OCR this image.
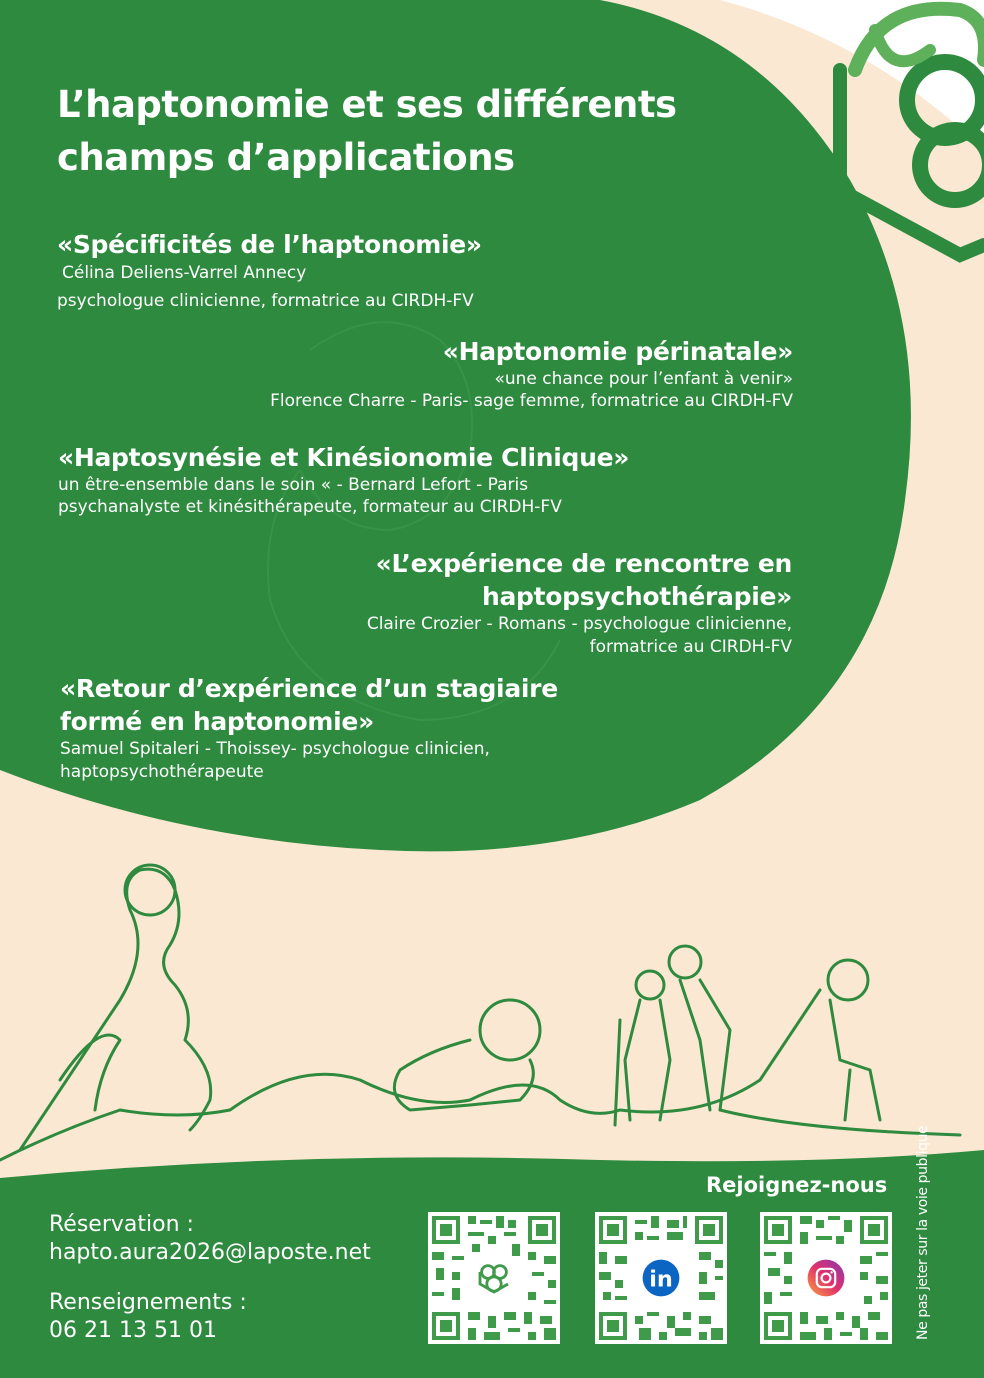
L’haptonomie et ses différents
champs d’applications
«Spécificités de l’haptonomie»

Célina Deliens-Varrel Annecy
psychologue clinicienne, formatrice au CIRDH-FV

«Haptonomie périnatale»

«une chance pour l’enfant à venir»
Florence Charre - Paris- sage femme, formatrice au CIRDH-FV

«Haptosynésie et Kinésionomie Clinique»

un être-ensemble dans le soin « - Bernard Lefort - Paris
psychanalyste et kinésithérapeute, formateur au CIRDH-FV

«L’expérience de rencontre en
haptopsychothérapie»

Claire Crozier - Romans - psychologue clinicienne,
formatrice au CIRDH-FV

«Retour d’expérience d’un stagiaire
formé en haptonomie»

Samuel Spitaleri - Thoissey- psychologue clinicien,
haptopsychothérapeute

Réservation :
hapto.aura2026@laposte.net
Renseignements :
06 21 13 51 01
Rejoignez-nous
in	Ne pas jeter sur la voie publique
